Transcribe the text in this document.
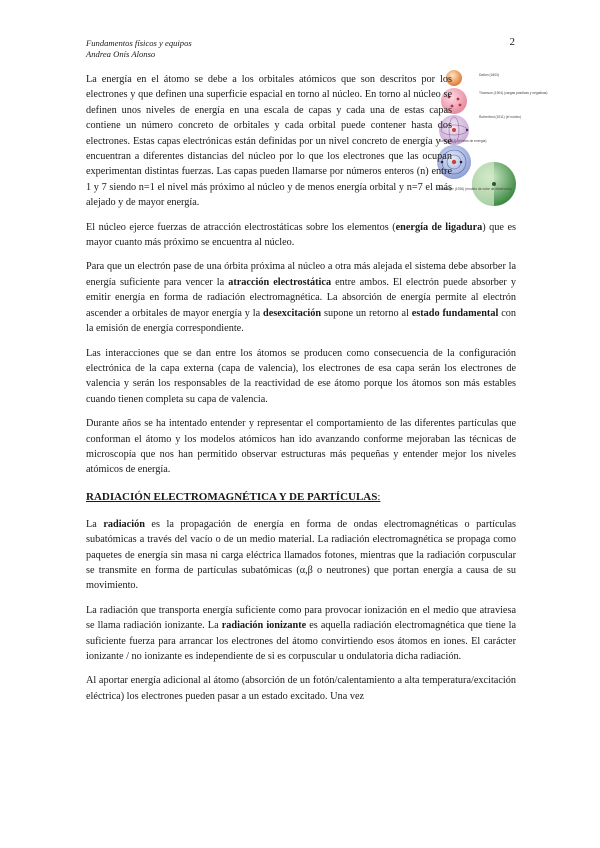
Fundamentos físicos y equipos
Andrea Onís Alonso
2
Dalton (1803)
Thomson (1904) (cargas positivas y negativas)
Rutherford (1911) (el núcleo)
Bohr (1913) (niveles de energía)
Schrödinger (1926) (modelo de nube de electrones)

La energía en el átomo se debe a los orbitales atómicos que son descritos por los electrones y que definen una superficie espacial en torno al núcleo. En torno al núcleo se definen unos niveles de energía en una escala de capas y cada una de estas capas contiene un número concreto de orbitales y cada orbital puede contener hasta dos electrones. Estas capas electrónicas están definidas por un nivel concreto de energía y se encuentran a diferentes distancias del núcleo por lo que los electrones que las ocupan experimentan distintas fuerzas. Las capas pueden llamarse por números enteros (n) entre 1 y 7 siendo n=1 el nivel más próximo al núcleo y de menos energía orbital y n=7 el más alejado y de mayor energía.

El núcleo ejerce fuerzas de atracción electrostáticas sobre los elementos (energía de ligadura) que es mayor cuanto más próximo se encuentra al núcleo.

Para que un electrón pase de una órbita próxima al núcleo a otra más alejada el sistema debe absorber la energía suficiente para vencer la atracción electrostática entre ambos. El electrón puede absorber y emitir energía en forma de radiación electromagnética. La absorción de energía permite al electrón ascender a orbitales de mayor energía y la desexcitación supone un retorno al estado fundamental con la emisión de energía correspondiente.

Las interacciones que se dan entre los átomos se producen como consecuencia de la configuración electrónica de la capa externa (capa de valencia), los electrones de esa capa serán los electrones de valencia y serán los responsables de la reactividad de ese átomo porque los átomos son más estables cuando tienen completa su capa de valencia.

Durante años se ha intentado entender y representar el comportamiento de las diferentes partículas que conforman el átomo y los modelos atómicos han ido avanzando conforme mejoraban las técnicas de microscopía que nos han permitido observar estructuras más pequeñas y entender mejor los niveles atómicos de energía.

RADIACIÓN ELECTROMAGNÉTICA Y DE PARTÍCULAS:

La radiación es la propagación de energía en forma de ondas electromagnéticas o partículas subatómicas a través del vacío o de un medio material. La radiación electromagnética se propaga como paquetes de energía sin masa ni carga eléctrica llamados fotones, mientras que la radiación corpuscular se transmite en forma de partículas subatómicas (α,β o neutrones) que portan energía a causa de su movimiento.

La radiación que transporta energía suficiente como para provocar ionización en el medio que atraviesa se llama radiación ionizante. La radiación ionizante es aquella radiación electromagnética que tiene la suficiente fuerza para arrancar los electrones del átomo convirtiendo esos átomos en iones. El carácter ionizante / no ionizante es independiente de si es corpuscular u ondulatoria dicha radiación.

Al aportar energía adicional al átomo (absorción de un fotón/calentamiento a alta temperatura/excitación eléctrica) los electrones pueden pasar a un estado excitado. Una vez
